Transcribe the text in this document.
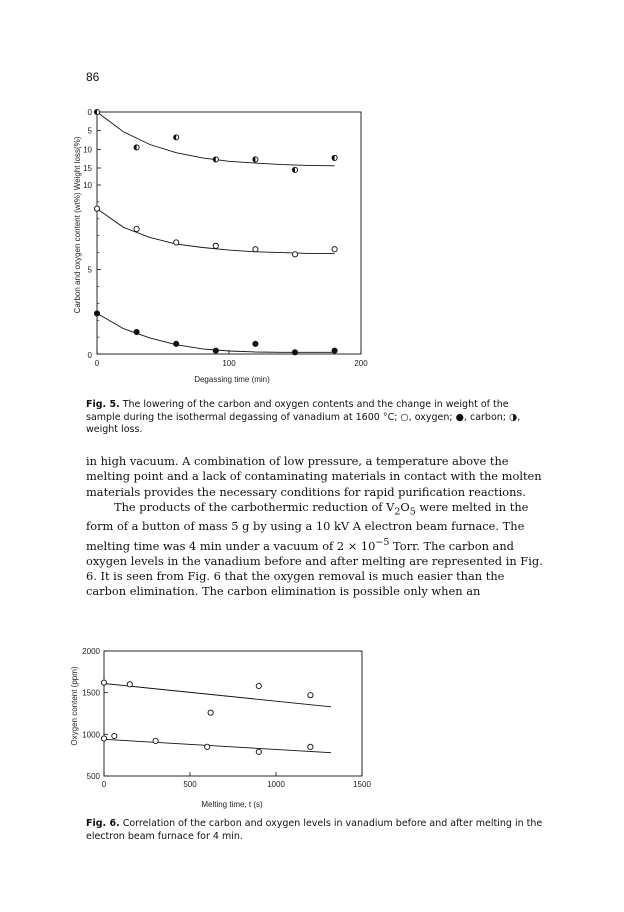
86
0	100	200
0
5
10
15
5
10
0
Carbon and oxygen content (wt%) Weight loss(%)
Degassing time (min)
Fig. 5. The lowering of the carbon and oxygen contents and the change in weight of the sample during the isothermal degassing of vanadium at 1600 °C; ○, oxygen; ●, carbon; ◑, weight loss.

in high vacuum. A combination of low pressure, a temperature above the melting point and a lack of contaminating materials in contact with the molten materials provides the necessary conditions for rapid purification reactions.

The products of the carbothermic reduction of $V_2O_5$ were melted in the form of a button of mass 5 g by using a 10 kV A electron beam furnace. The melting time was 4 min under a vacuum of $2 \times 10^{-5}$ Torr. The carbon and oxygen levels in the vanadium before and after melting are represented in Fig. 6. It is seen from Fig. 6 that the oxygen removal is much easier than the carbon elimination. The carbon elimination is possible only when an

0	500	1000	1500
500
1000
1500
2000
Oxygen content (ppm)
Melting time, t (s)
Fig. 6. Correlation of the carbon and oxygen levels in vanadium before and after melting in the electron beam furnace for 4 min.
